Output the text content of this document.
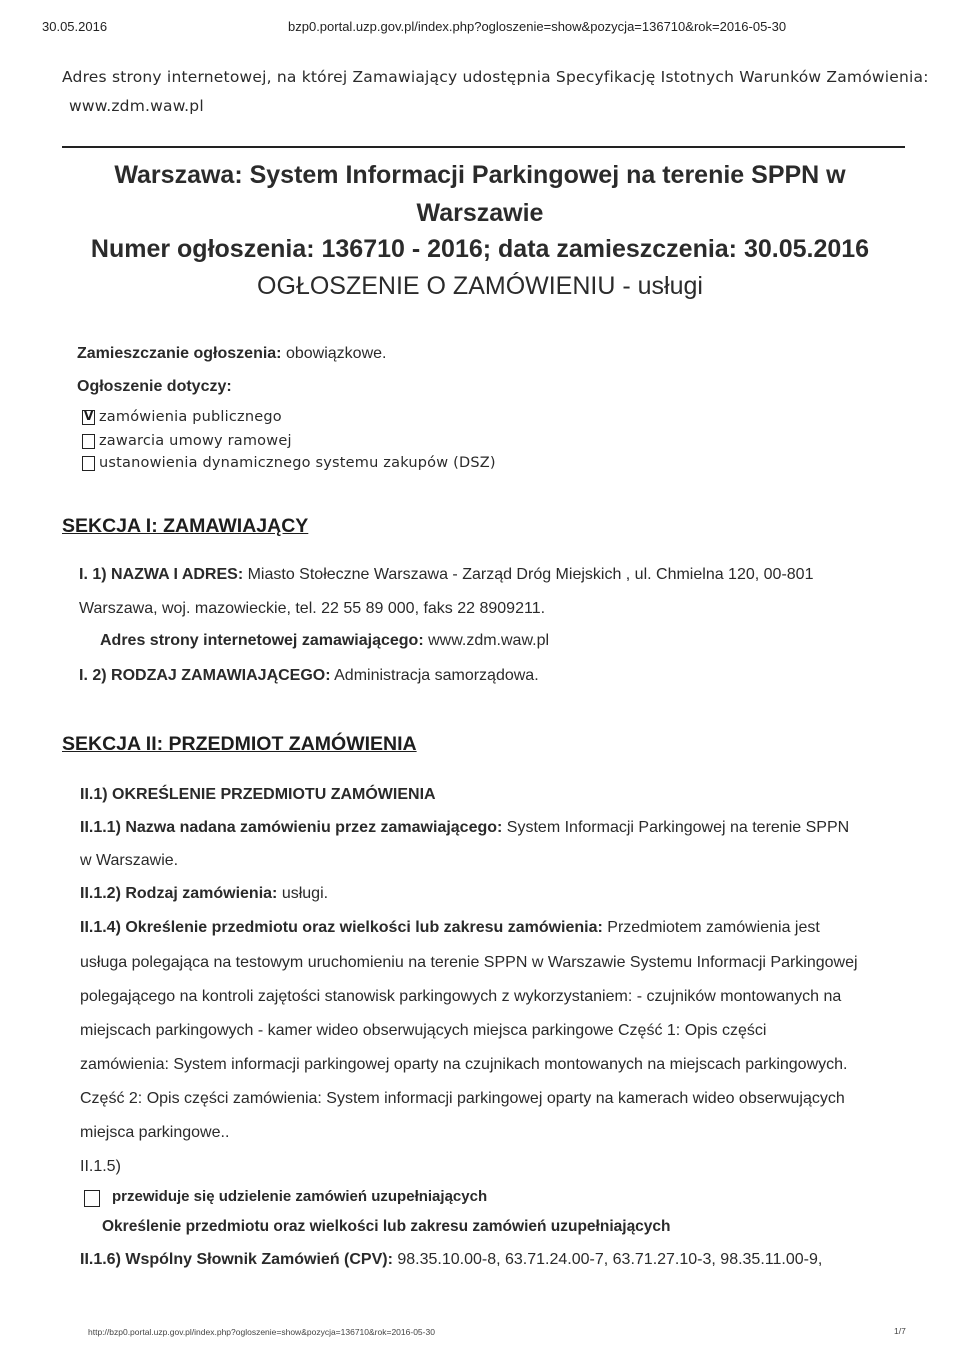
30.05.2016	bzp0.portal.uzp.gov.pl/index.php?ogloszenie=show&pozycja=136710&rok=2016-05-30
Adres strony internetowej, na której Zamawiający udostępnia Specyfikację Istotnych Warunków Zamówienia:
www.zdm.waw.pl
Warszawa: System Informacji Parkingowej na terenie SPPN w
Warszawie
Numer ogłoszenia: 136710 - 2016; data zamieszczenia: 30.05.2016
OGŁOSZENIE O ZAMÓWIENIU - usługi
Zamieszczanie ogłoszenia: obowiązkowe.
Ogłoszenie dotyczy:
V zamówienia publicznego
zawarcia umowy ramowej
ustanowienia dynamicznego systemu zakupów (DSZ)
SEKCJA I: ZAMAWIAJĄCY
I. 1) NAZWA I ADRES: Miasto Stołeczne Warszawa - Zarząd Dróg Miejskich , ul. Chmielna 120, 00-801
Warszawa, woj. mazowieckie, tel. 22 55 89 000, faks 22 8909211.
Adres strony internetowej zamawiającego: www.zdm.waw.pl
I. 2) RODZAJ ZAMAWIAJĄCEGO: Administracja samorządowa.
SEKCJA II: PRZEDMIOT ZAMÓWIENIA
II.1) OKREŚLENIE PRZEDMIOTU ZAMÓWIENIA
II.1.1) Nazwa nadana zamówieniu przez zamawiającego: System Informacji Parkingowej na terenie SPPN
w Warszawie.
II.1.2) Rodzaj zamówienia: usługi.
II.1.4) Określenie przedmiotu oraz wielkości lub zakresu zamówienia: Przedmiotem zamówienia jest
usługa polegająca na testowym uruchomieniu na terenie SPPN w Warszawie Systemu Informacji Parkingowej
polegającego na kontroli zajętości stanowisk parkingowych z wykorzystaniem: - czujników montowanych na
miejscach parkingowych - kamer wideo obserwujących miejsca parkingowe Część 1: Opis części
zamówienia: System informacji parkingowej oparty na czujnikach montowanych na miejscach parkingowych.
Część 2: Opis części zamówienia: System informacji parkingowej oparty na kamerach wideo obserwujących
miejsca parkingowe..
II.1.5)
przewiduje się udzielenie zamówień uzupełniających
Określenie przedmiotu oraz wielkości lub zakresu zamówień uzupełniających
II.1.6) Wspólny Słownik Zamówień (CPV): 98.35.10.00-8, 63.71.24.00-7, 63.71.27.10-3, 98.35.11.00-9,
http://bzp0.portal.uzp.gov.pl/index.php?ogloszenie=show&pozycja=136710&rok=2016-05-30	1/7
